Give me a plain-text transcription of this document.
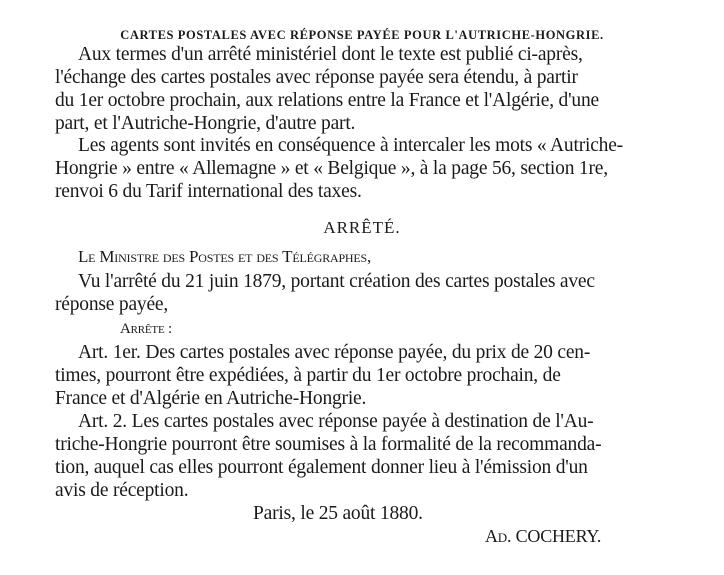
CARTES POSTALES AVEC RÉPONSE PAYÉE POUR L'AUTRICHE-HONGRIE.
Aux termes d'un arrêté ministériel dont le texte est publié ci-après,
l'échange des cartes postales avec réponse payée sera étendu, à partir
du 1er octobre prochain, aux relations entre la France et l'Algérie, d'une
part, et l'Autriche-Hongrie, d'autre part.
Les agents sont invités en conséquence à intercaler les mots « Autriche-
Hongrie » entre « Allemagne » et « Belgique », à la page 56, section 1re,
renvoi 6 du Tarif international des taxes.
ARRÊTÉ.
Le Ministre des Postes et des Télégraphes,
Vu l'arrêté du 21 juin 1879, portant création des cartes postales avec
réponse payée,
Arrête :
Art. 1er. Des cartes postales avec réponse payée, du prix de 20 cen-
times, pourront être expédiées, à partir du 1er octobre prochain, de
France et d'Algérie en Autriche-Hongrie.
Art. 2. Les cartes postales avec réponse payée à destination de l'Au-
triche-Hongrie pourront être soumises à la formalité de la recommanda-
tion, auquel cas elles pourront également donner lieu à l'émission d'un
avis de réception.
Paris, le 25 août 1880.
Ad. COCHERY.
